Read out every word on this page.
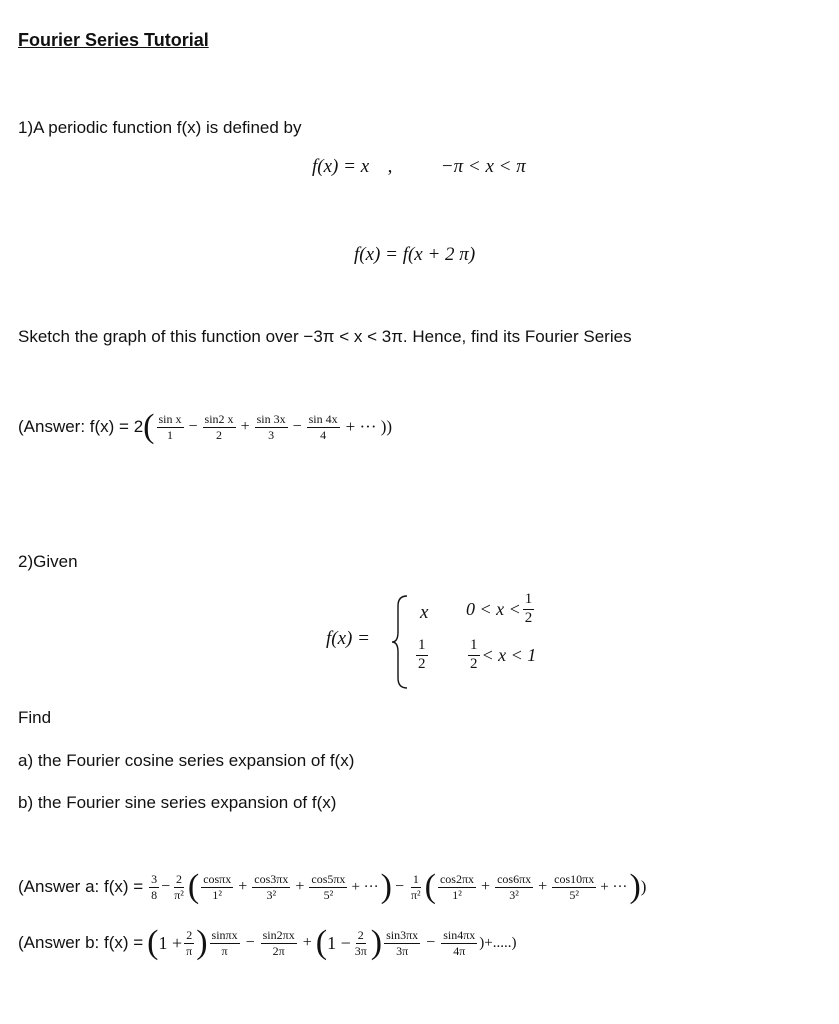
Fourier Series Tutorial
1)A periodic function f(x) is defined by
f(x) = x ,	−π < x < π
f(x) = f(x + 2 π)
Sketch the graph of this function over −3π < x < 3π. Hence, find its Fourier Series
(Answer: f(x) = 2 ( $\frac{\text{sin x}}{1} - \frac{\sin 2 x}{2} + \frac{\sin 3x}{3} - \frac{\sin 4x}{4}$ + ··· ))
2)Given
f(x) =
x $0 < x < \frac{1}{2}$
$\frac{1}{2}$	$\frac{1}{2} < x < 1$
Find
a) the Fourier cosine series expansion of f(x)
b) the Fourier sine series expansion of f(x)
(Answer a: $f(x) = \frac{3}{8} - \frac{2}{\text{π²}}$ ( $\frac{\cos\pi x}{\text{1²}} + \frac{\cos 3\pi x}{\text{3²}} + \frac{\cos 5\pi x}{\text{5²}}$ + ··· ) − $\frac{1}{\text{π²}}$ ( $\frac{\cos 2\pi x}{\text{1²}} + \frac{\cos 6\pi x}{\text{3²}} + \frac{\cos 10\pi x}{\text{5²}}$ + ··· ) )
(Answer b: f(x) = ( $1 + \frac{2}{\pi}$ ) $\frac{\sin\pi x}{\pi} - \frac{\sin 2\pi x}{2\pi}$ + ( $1 - \frac{2}{3\pi}$ ) $\frac{\sin 3\pi x}{3\pi} - \frac{\sin 4\pi x}{4\pi}$ )+.....)
